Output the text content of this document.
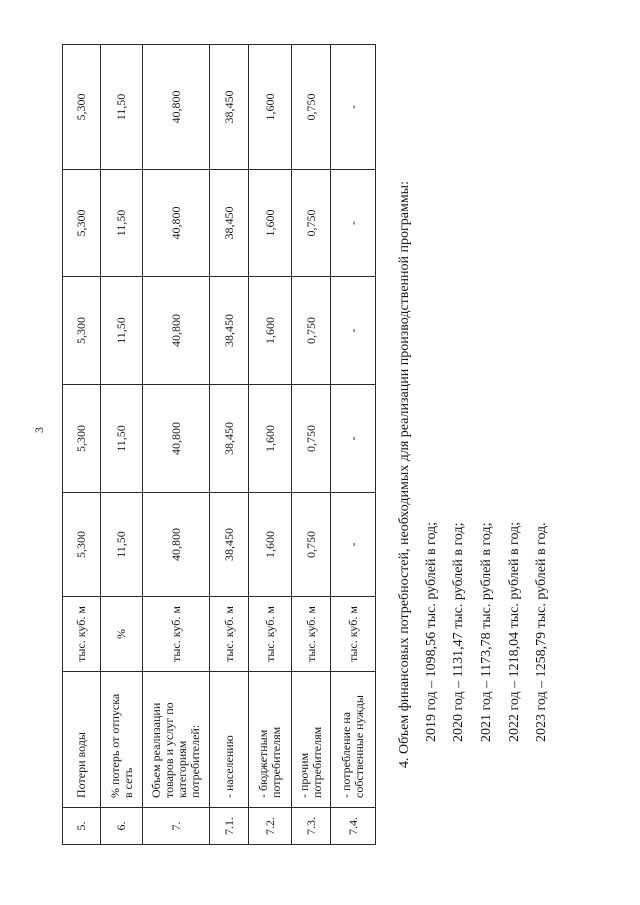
3
5.	Потери воды	тыс. куб. м	5,300	5,300	5,300	5,300	5,300
6.	% потерь от отпуска
в сеть	%	11,50	11,50	11,50	11,50	11,50
7.	Объем реализации
товаров и услуг по
категориям
потребителей:	тыс. куб. м	40,800	40,800	40,800	40,800	40,800
7.1.	- населению	тыс. куб. м	38,450	38,450	38,450	38,450	38,450
7.2.	- бюджетным
потребителям	тыс. куб. м	1,600	1,600	1,600	1,600	1,600
7.3.	- прочим
потребителям	тыс. куб. м	0,750	0,750	0,750	0,750	0,750
7.4.	- потребление на
собственные нужды	тыс. куб. м	-	-	-	-	-
4. Объем финансовых потребностей, необходимых для реализации производственной программы: 2019 год – 1098,56 тыс. рублей в год; 2020 год – 1131,47 тыс. рублей в год; 2021 год – 1173,78 тыс. рублей в год; 2022 год – 1218,04 тыс. рублей в год; 2023 год – 1258,79 тыс. рублей в год.
